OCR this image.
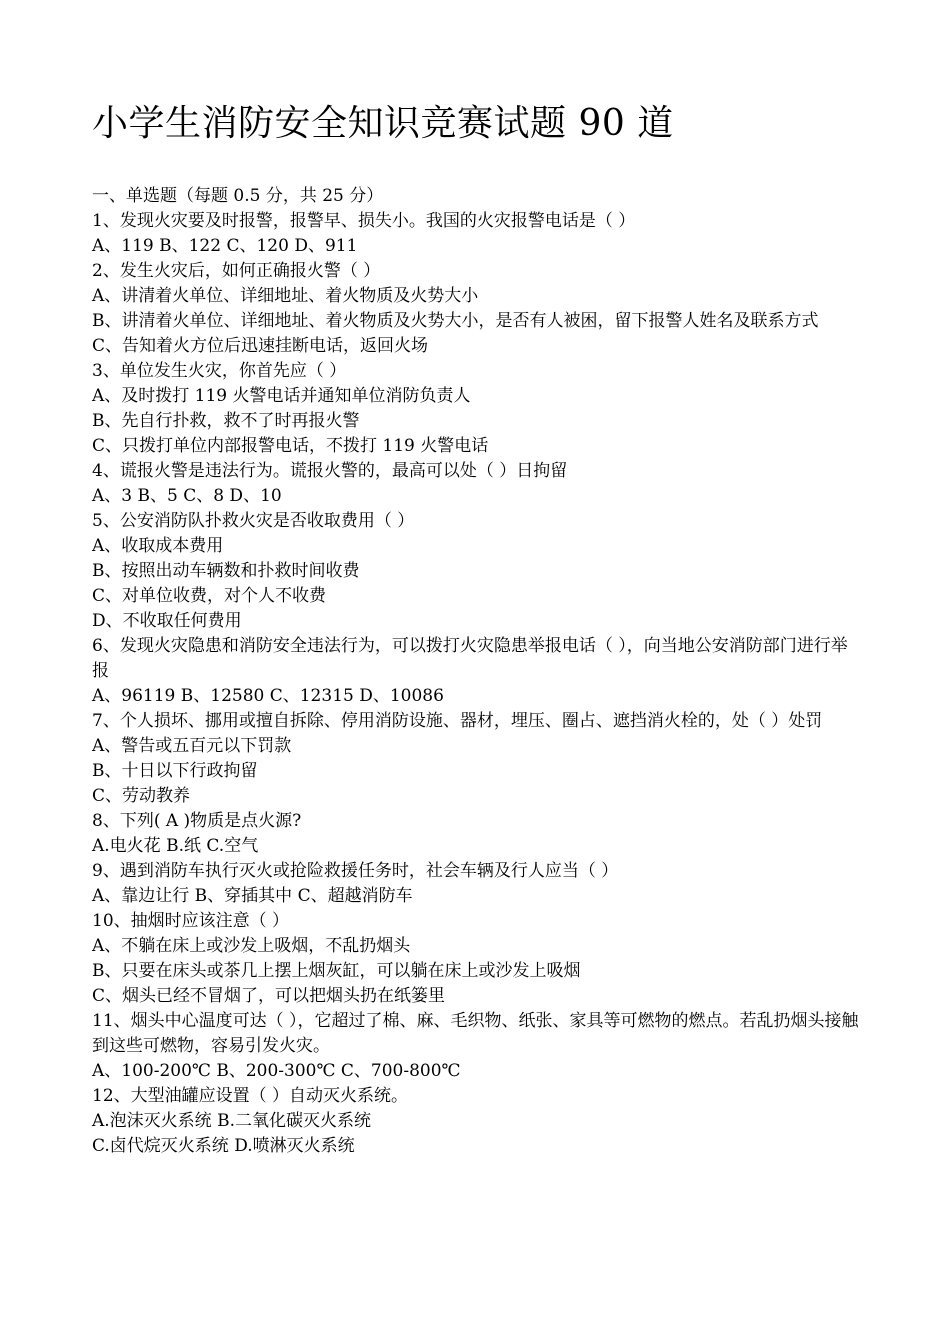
小学生消防安全知识竞赛试题 90 道
一、单选题（每题 0.5 分，共 25 分）
1、发现火灾要及时报警，报警早、损失小。我国的火灾报警电话是（ ）
A、119 B、122 C、120 D、911
2、发生火灾后，如何正确报火警（ ）
A、讲清着火单位、详细地址、着火物质及火势大小
B、讲清着火单位、详细地址、着火物质及火势大小，是否有人被困，留下报警人姓名及联系方式
C、告知着火方位后迅速挂断电话，返回火场
3、单位发生火灾，你首先应（ ）
A、及时拨打 119 火警电话并通知单位消防负责人
B、先自行扑救，救不了时再报火警
C、只拨打单位内部报警电话，不拨打 119 火警电话
4、谎报火警是违法行为。谎报火警的，最高可以处（ ）日拘留
A、3 B、5 C、8 D、10
5、公安消防队扑救火灾是否收取费用（ ）
A、收取成本费用
B、按照出动车辆数和扑救时间收费
C、对单位收费，对个人不收费
D、不收取任何费用
6、发现火灾隐患和消防安全违法行为，可以拨打火灾隐患举报电话（ ），向当地公安消防部门进行举报
A、96119 B、12580 C、12315 D、10086
7、个人损坏、挪用或擅自拆除、停用消防设施、器材，埋压、圈占、遮挡消火栓的，处（ ）处罚
A、警告或五百元以下罚款
B、十日以下行政拘留
C、劳动教养
8、下列( A )物质是点火源?
A.电火花 B.纸 C.空气
9、遇到消防车执行灭火或抢险救援任务时，社会车辆及行人应当（ ）
A、靠边让行 B、穿插其中 C、超越消防车
10、抽烟时应该注意（ ）
A、不躺在床上或沙发上吸烟，不乱扔烟头
B、只要在床头或茶几上摆上烟灰缸，可以躺在床上或沙发上吸烟
C、烟头已经不冒烟了，可以把烟头扔在纸篓里
11、烟头中心温度可达（ ），它超过了棉、麻、毛织物、纸张、家具等可燃物的燃点。若乱扔烟头接触到这些可燃物，容易引发火灾。
A、100-200℃ B、200-300℃ C、700-800℃
12、大型油罐应设置（ ）自动灭火系统。
A.泡沫灭火系统 B.二氧化碳灭火系统
C.卤代烷灭火系统 D.喷淋灭火系统
